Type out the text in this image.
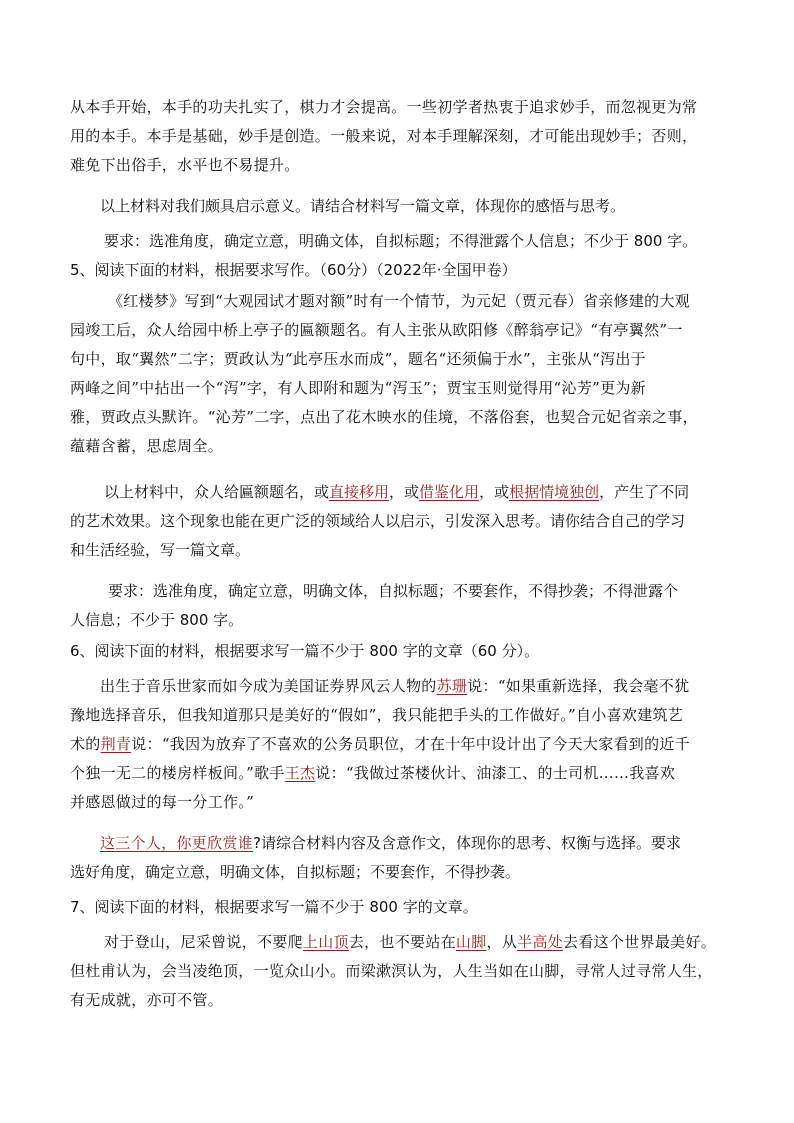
从本手开始，本手的功夫扎实了，棋力才会提高。一些初学者热衷于追求妙手，而忽视更为常
用的本手。本手是基础，妙手是创造。一般来说，对本手理解深刻，才可能出现妙手；否则，
难免下出俗手，水平也不易提升。
以上材料对我们颇具启示意义。请结合材料写一篇文章，体现你的感悟与思考。
要求：选准角度，确定立意，明确文体，自拟标题；不得泄露个人信息；不少于 800 字。
5、阅读下面的材料，根据要求写作。（60分）（2022年·全国甲卷）
《红楼梦》写到“大观园试才题对额”时有一个情节，为元妃（贾元春）省亲修建的大观
园竣工后，众人给园中桥上亭子的匾额题名。有人主张从欧阳修《醉翁亭记》“有亭翼然”一
句中，取“翼然”二字；贾政认为“此亭压水而成”，题名“还须偏于水”，主张从“泻出于
两峰之间”中拈出一个“泻”字，有人即附和题为“泻玉”；贾宝玉则觉得用“沁芳”更为新
雅，贾政点头默许。“沁芳”二字，点出了花木映水的佳境，不落俗套，也契合元妃省亲之事，
蕴藉含蓄，思虑周全。
以上材料中，众人给匾额题名，或直接移用，或借鉴化用，或根据情境独创，产生了不同
的艺术效果。这个现象也能在更广泛的领域给人以启示，引发深入思考。请你结合自己的学习
和生活经验，写一篇文章。
要求：选准角度，确定立意，明确文体，自拟标题；不要套作，不得抄袭；不得泄露个
人信息；不少于 800 字。
6、阅读下面的材料，根据要求写一篇不少于 800 字的文章（60 分）。
出生于音乐世家而如今成为美国证券界风云人物的苏珊说：“如果重新选择，我会毫不犹
豫地选择音乐，但我知道那只是美好的“假如”，我只能把手头的工作做好。”自小喜欢建筑艺
术的荆青说：“我因为放弃了不喜欢的公务员职位，才在十年中设计出了今天大家看到的近千
个独一无二的楼房样板间。”歌手王杰说：“我做过茶楼伙计、油漆工、的士司机……我喜欢
并感恩做过的每一分工作。”
这三个人，你更欣赏谁?请综合材料内容及含意作文，体现你的思考、权衡与选择。要求
选好角度，确定立意，明确文体，自拟标题；不要套作，不得抄袭。
7、阅读下面的材料，根据要求写一篇不少于 800 字的文章。
对于登山，尼采曾说，不要爬上山顶去，也不要站在山脚，从半高处去看这个世界最美好。
但杜甫认为，会当凌绝顶，一览众山小。而梁漱溟认为，人生当如在山脚，寻常人过寻常人生，
有无成就，亦可不管。
